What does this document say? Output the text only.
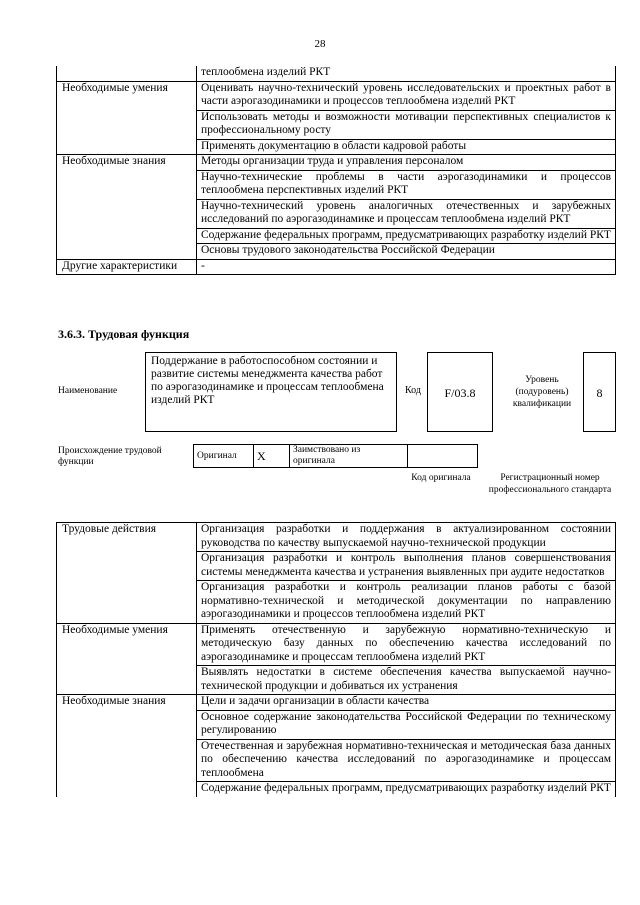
28
	теплообмена изделий РКТ
Необходимые умения	Оценивать научно-технический уровень исследовательских и проектных работ в части аэрогазодинамики и процессов теплообмена изделий РКТ
	Использовать методы и возможности мотивации перспективных специалистов к профессиональному росту
	Применять документацию в области кадровой работы
Необходимые знания	Методы организации труда и управления персоналом
	Научно-технические проблемы в части аэрогазодинамики и процессов теплообмена перспективных изделий РКТ
	Научно-технический уровень аналогичных отечественных и зарубежных исследований по аэрогазодинамике и процессам теплообмена изделий РКТ
	Содержание федеральных программ, предусматривающих разработку изделий РКТ
	Основы трудового законодательства Российской Федерации
Другие характеристики	-
3.6.3. Трудовая функция
Наименование
Поддержание в работоспособном состоянии и развитие системы менеджмента качества работ по аэрогазодинамике и процессам теплообмена изделий РКТ
Код	F/03.8
Уровень (подуровень) квалификации
8
Происхождение трудовой функции
Оригинал	X	Заимствовано из оригинала		
Код оригинала	Регистрационный номер профессионального стандарта
Трудовые действия	Организация разработки и поддержания в актуализированном состоянии руководства по качеству выпускаемой научно-технической продукции
	Организация разработки и контроль выполнения планов совершенствования системы менеджмента качества и устранения выявленных при аудите недостатков
	Организация разработки и контроль реализации планов работы с базой нормативно-технической и методической документации по направлению аэрогазодинамики и процессов теплообмена изделий РКТ
Необходимые умения	Применять отечественную и зарубежную нормативно-техническую и методическую базу данных по обеспечению качества исследований по аэрогазодинамике и процессам теплообмена изделий РКТ
	Выявлять недостатки в системе обеспечения качества выпускаемой научно-технической продукции и добиваться их устранения
Необходимые знания	Цели и задачи организации в области качества
	Основное содержание законодательства Российской Федерации по техническому регулированию
	Отечественная и зарубежная нормативно-техническая и методическая база данных по обеспечению качества исследований по аэрогазодинамике и процессам теплообмена
	Содержание федеральных программ, предусматривающих разработку изделий РКТ
